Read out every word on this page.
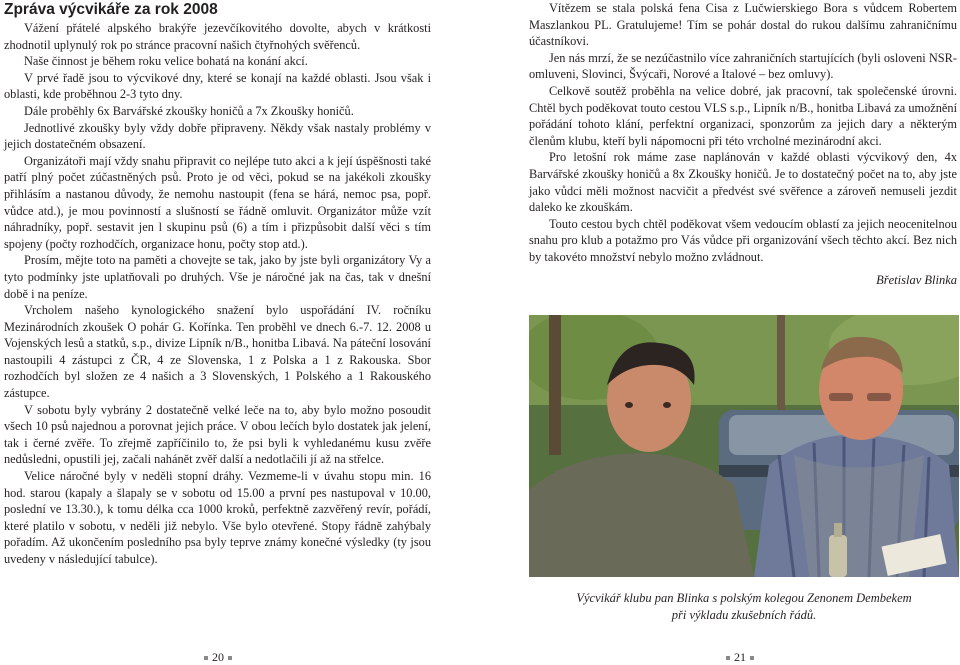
Zpráva výcvikáře za rok 2008

Vážení přátelé alpského brakýře jezevčíkovitého dovolte, abych v krátkosti zhodnotil uplynulý rok po stránce pracovní našich čtyřnohých svěřenců.

Naše činnost je během roku velice bohatá na konání akcí.

V prvé řadě jsou to výcvikové dny, které se konají na každé oblasti. Jsou však i oblasti, kde proběhnou 2-3 tyto dny.

Dále proběhly 6x Barvářské zkoušky honičů a 7x Zkoušky honičů.

Jednotlivé zkoušky byly vždy dobře připraveny. Někdy však nastaly problémy v jejich dostatečném obsazení.

Organizátoři mají vždy snahu připravit co nejlépe tuto akci a k její úspěšnosti také patří plný počet zúčastněných psů. Proto je od věci, pokud se na jakékoli zkoušky přihlásím a nastanou důvody, že nemohu nastoupit (fena se hárá, nemoc psa, popř. vůdce atd.), je mou povinností a slušností se řádně omluvit. Organizátor může vzít náhradníky, popř. sestavit jen l skupinu psů (6) a tím i přizpůsobit další věci s tím spojeny (počty rozhodčích, organizace honu, počty stop atd.).

Prosím, mějte toto na paměti a chovejte se tak, jako by jste byli organizátory Vy a tyto podmínky jste uplatňovali po druhých. Vše je náročné jak na čas, tak v dnešní době i na peníze.

Vrcholem našeho kynologického snažení bylo uspořádání IV. ročníku Mezinárodních zkoušek O pohár G. Kořínka. Ten proběhl ve dnech 6.-7. 12. 2008 u Vojenských lesů a statků, s.p., divize Lipník n/B., honitba Libavá. Na páteční losování nastoupili 4 zástupci z ČR, 4 ze Slovenska, 1 z Polska a 1 z Rakouska. Sbor rozhodčích byl složen ze 4 našich a 3 Slovenských, 1 Polského a 1 Rakouského zástupce.

V sobotu byly vybrány 2 dostatečně velké leče na to, aby bylo možno posoudit všech 10 psů najednou a porovnat jejich práce. V obou lečích bylo dostatek jak jelení, tak i černé zvěře. To zřejmě zapříčinilo to, že psi byli k vyhledanému kusu zvěře nedůsledni, opustili jej, začali nahánět zvěř další a nedotlačili jí až na střelce.

Velice náročné byly v neděli stopní dráhy. Vezmeme-li v úvahu stopu min. 16 hod. starou (kapaly a šlapaly se v sobotu od 15.00 a první pes nastupoval v 10.00, poslední ve 13.30.), k tomu délka cca 1000 kroků, perfektně zazvěřený revír, pořádí, které platilo v sobotu, v neděli již nebylo. Vše bylo otevřené. Stopy řádně zahýbaly pořadím. Až ukončením posledního psa byly teprve známy konečné výsledky (ty jsou uvedeny v následující tabulce).

Vítězem se stala polská fena Cisa z Lučwierskiego Bora s vůdcem Robertem Maszlankou PL. Gratulujeme! Tím se pohár dostal do rukou dalšímu zahraničnímu účastníkovi.

Jen nás mrzí, že se nezúčastnilo více zahraničních startujících (byli osloveni NSR-omluveni, Slovinci, Švýcaři, Norové a Italové – bez omluvy).

Celkově soutěž proběhla na velice dobré, jak pracovní, tak společenské úrovni. Chtěl bych poděkovat touto cestou VLS s.p., Lipník n/B., honitba Libavá za umožnění pořádání tohoto klání, perfektní organizaci, sponzorům za jejich dary a některým členům klubu, kteří byli nápomocni při této vrcholné mezinárodní akci.

Pro letošní rok máme zase naplánován v každé oblasti výcvikový den, 4x Barvářské zkoušky honičů a 8x Zkoušky honičů. Je to dostatečný počet na to, aby jste jako vůdci měli možnost nacvičit a předvést své svěřence a zároveň nemuseli jezdit daleko ke zkouškám.

Touto cestou bych chtěl poděkovat všem vedoucím oblastí za jejich neocenitelnou snahu pro klub a potažmo pro Vás vůdce při organizování všech těchto akcí. Bez nich by takovéto množství nebylo možno zvládnout.

Břetislav Blinka

Výcvikář klubu pan Blinka s polským kolegou Zenonem Dembekem
při výkladu zkušebních řádů.

20	21
